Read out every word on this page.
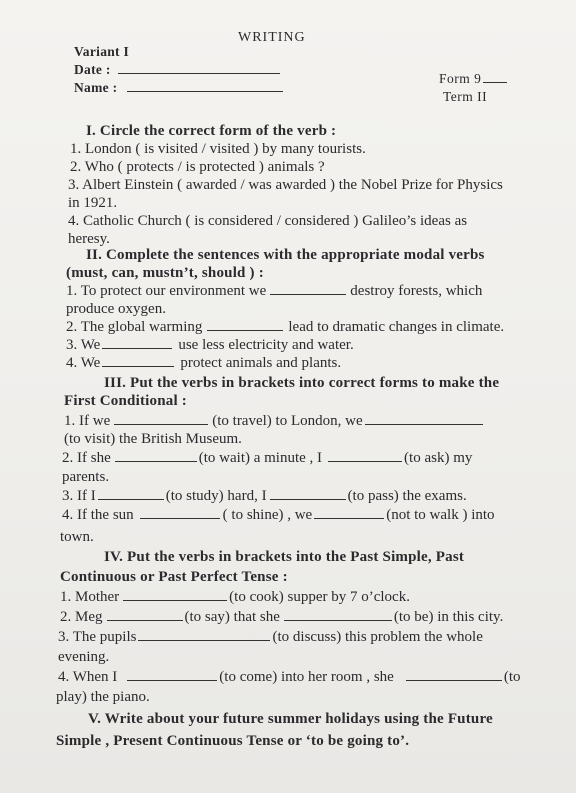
WRITING
Variant I
Date :
Name :
Form 9
Term II
I. Circle the correct form of the verb :
1. London ( is visited / visited ) by many tourists.
2. Who ( protects / is protected ) animals ?
3. Albert Einstein ( awarded / was awarded ) the Nobel Prize for Physics
in 1921.
4. Catholic Church ( is considered / considered ) Galileo’s ideas as
heresy.
II. Complete the sentences with the appropriate modal verbs
(must, can, mustn’t, should ) :
1. To protect our environment we	destroy forests, which
produce oxygen.
2. The global warming	lead to dramatic changes in climate.
3. We	use less electricity and water.
4. We	protect animals and plants.
III. Put the verbs in brackets into correct forms to make the
First Conditional :
1. If we	(to travel) to London, we
(to visit) the British Museum.
2. If she	(to wait) a minute , I	(to ask) my
parents.
3. If I	(to study) hard, I	(to pass) the exams.
4. If the sun	( to shine) , we	(not to walk ) into
town.
IV. Put the verbs in brackets into the Past Simple, Past
Continuous or Past Perfect Tense :
1. Mother	(to cook) supper by 7 o’clock.
2. Meg	(to say) that she	(to be) in this city.
3. The pupils	(to discuss) this problem the whole
evening.
4. When I	(to come) into her room , she	(to
play) the piano.
V. Write about your future summer holidays using the Future
Simple , Present Continuous Tense or ‘to be going to’.
